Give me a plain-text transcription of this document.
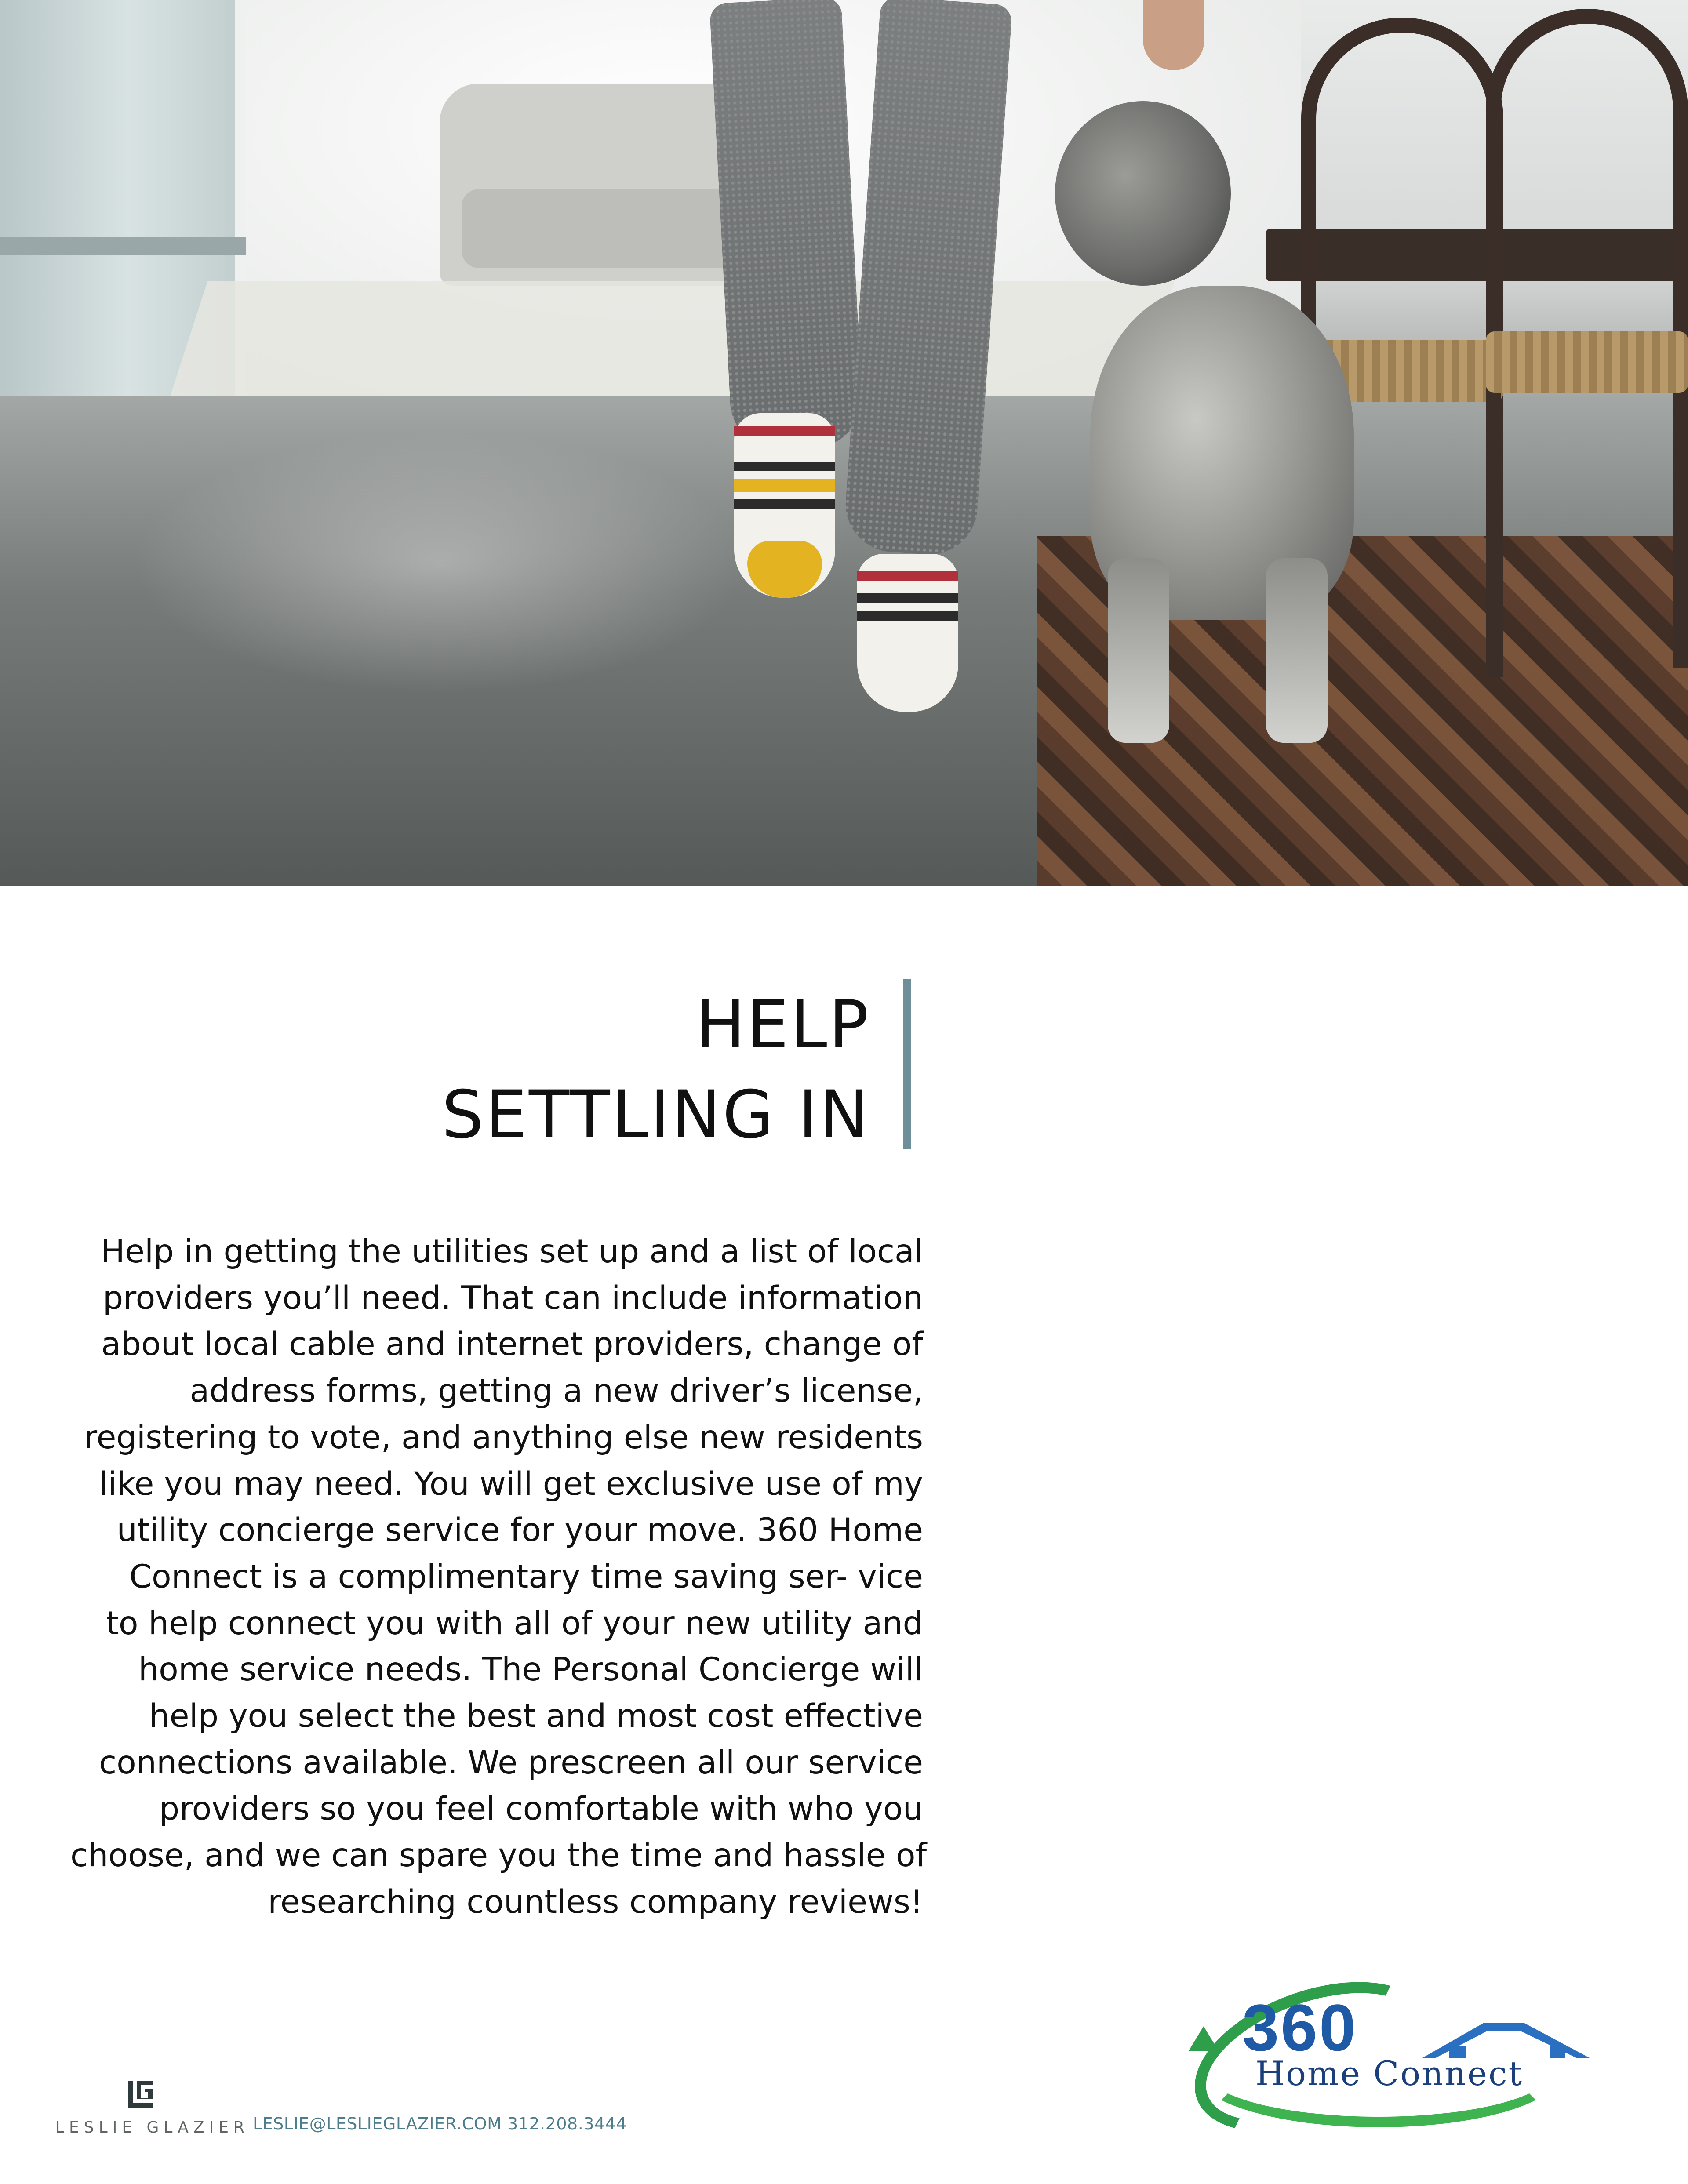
HELP
SETTLING IN
Help in getting the utilities set up and a list of local
providers you’ll need. That can include information
about local cable and internet providers, change of
address forms, getting a new driver’s license,
registering to vote, and anything else new residents
like you may need. You will get exclusive use of my
utility concierge service for your move. 360 Home
Connect is a complimentary time saving ser- vice
to help connect you with all of your new utility and
home service needs. The Personal Concierge will
help you select the best and most cost effective
connections available. We prescreen all our service
providers so you feel comfortable with who you
choose, and we can spare you the time and hassle of
researching countless company reviews!
LESLIE GLAZIER LESLIE@LESLIEGLAZIER.COM 312.208.3444
360
Home Connect
